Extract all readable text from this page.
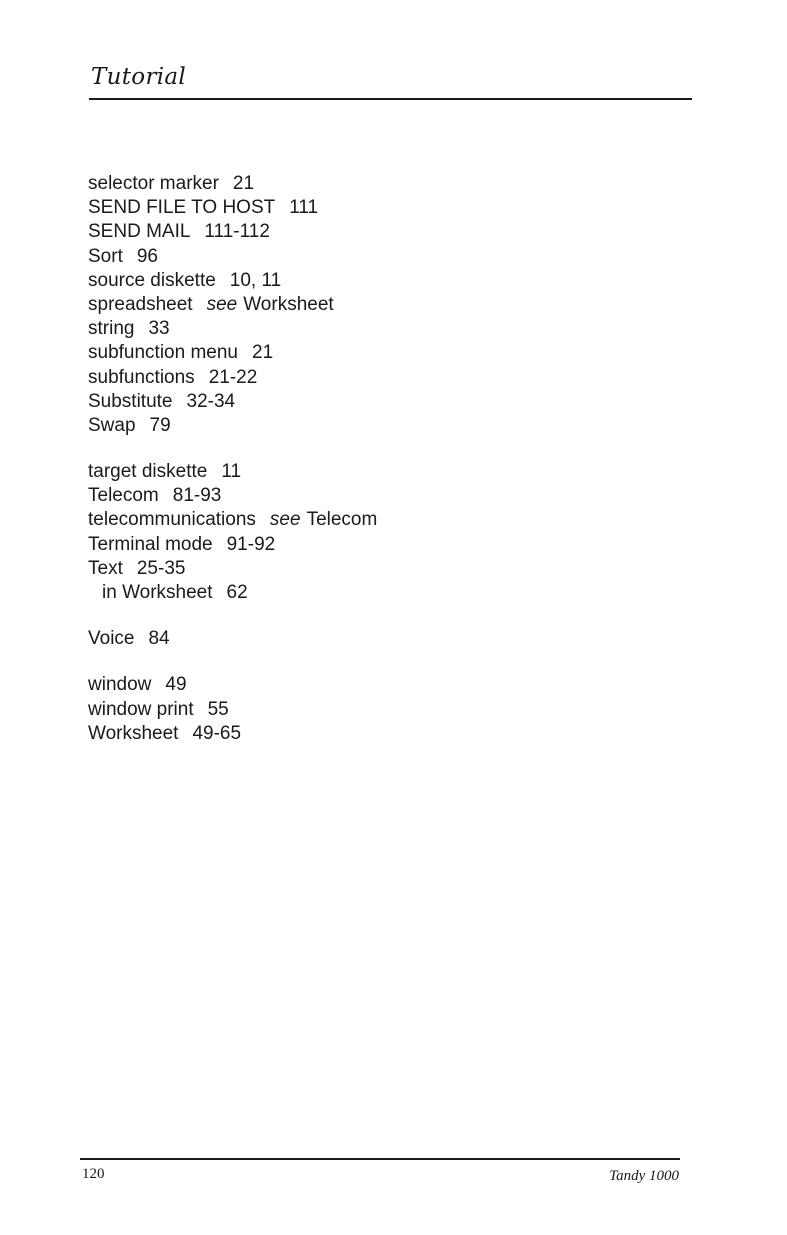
Tutorial
selector marker 21
SEND FILE TO HOST 111
SEND MAIL 111-112
Sort 96
source diskette 10, 11
spreadsheet see Worksheet
string 33
subfunction menu 21
subfunctions 21-22
Substitute 32-34
Swap 79
target diskette 11
Telecom 81-93
telecommunications see Telecom
Terminal mode 91-92
Text 25-35
in Worksheet 62
Voice 84
window 49
window print 55
Worksheet 49-65
120	Tandy 1000
